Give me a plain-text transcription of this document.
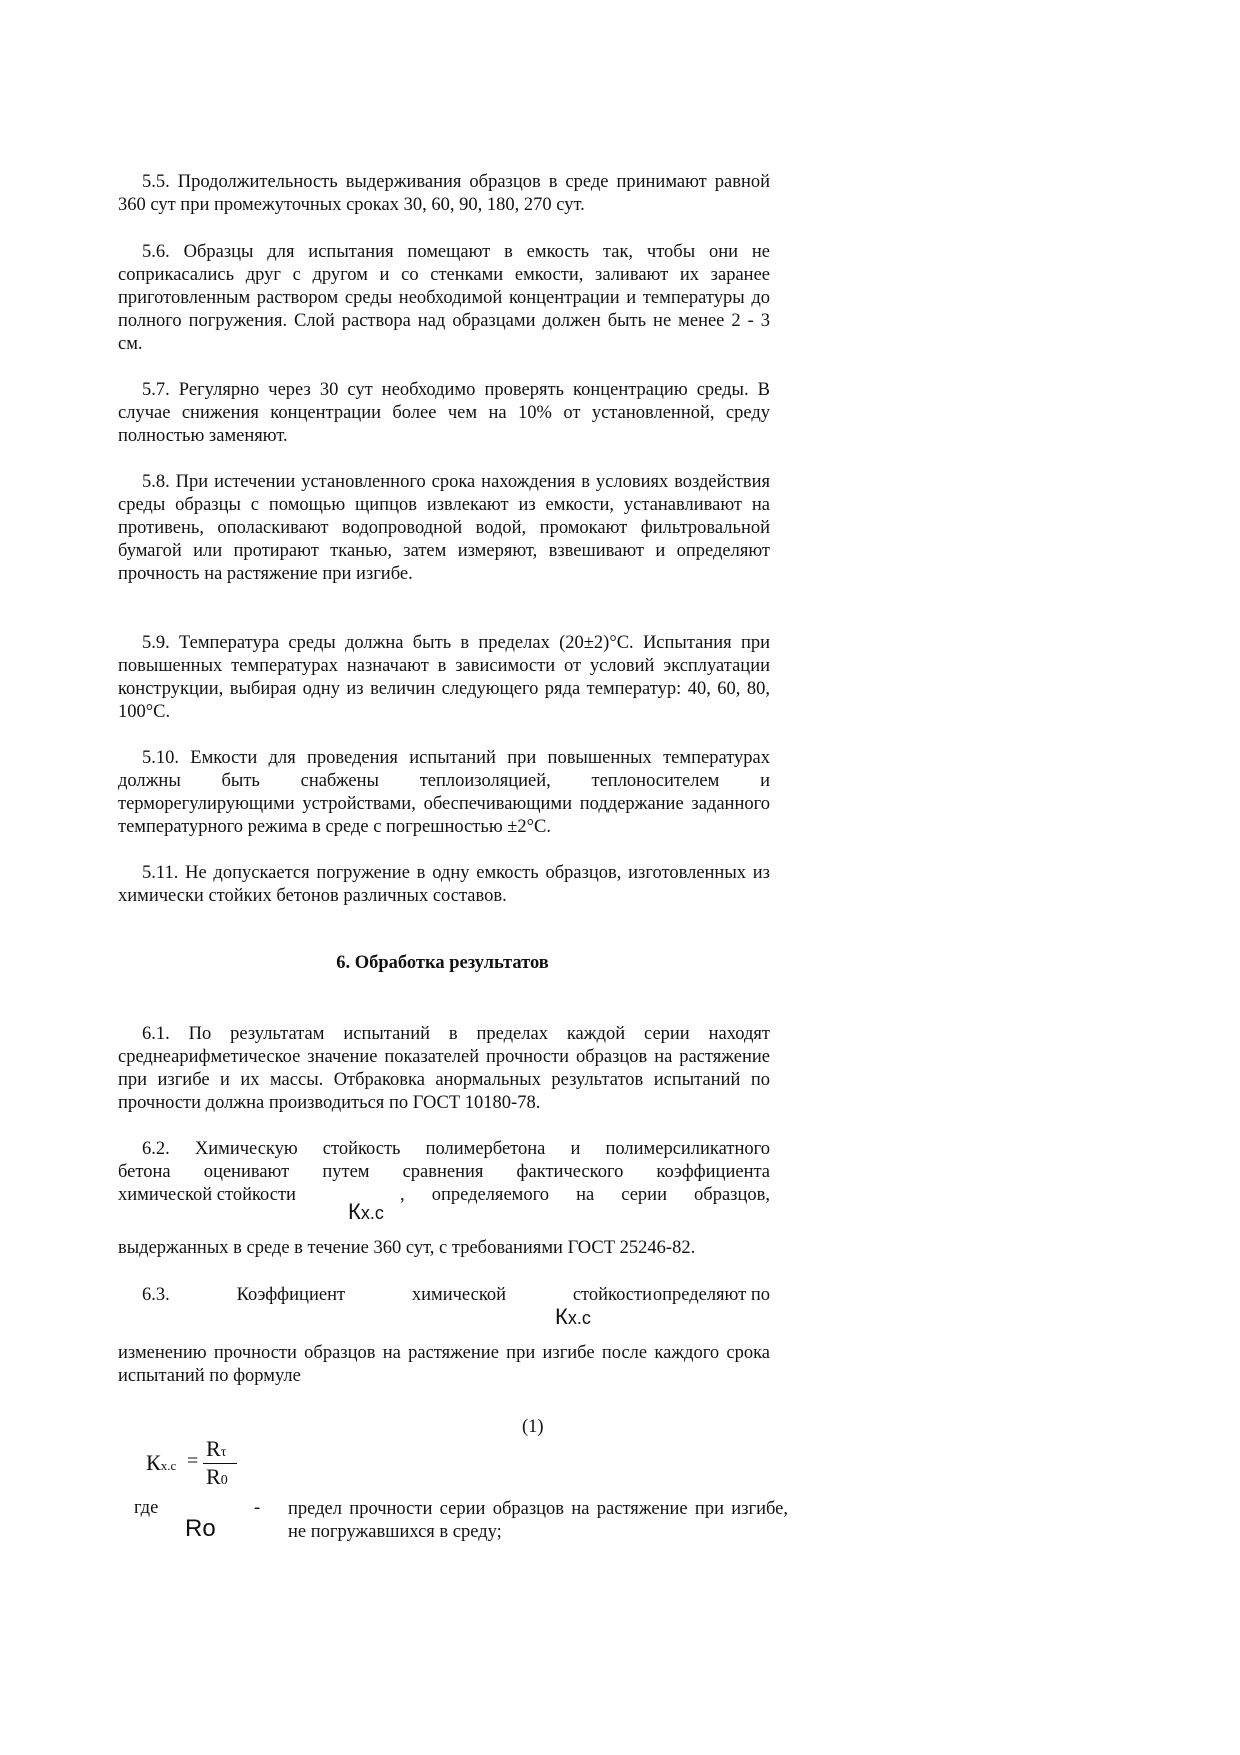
5.5. Продолжительность выдерживания образцов в среде принимают равной 360 сут при промежуточных сроках 30, 60, 90, 180, 270 сут.
5.6. Образцы для испытания помещают в емкость так, чтобы они не соприкасались друг с другом и со стенками емкости, заливают их заранее приготовленным раствором среды необходимой концентрации и температуры до полного погружения. Слой раствора над образцами должен быть не менее 2 - 3 см.
5.7. Регулярно через 30 сут необходимо проверять концентрацию среды. В случае снижения концентрации более чем на 10% от установленной, среду полностью заменяют.
5.8. При истечении установленного срока нахождения в условиях воздействия среды образцы с помощью щипцов извлекают из емкости, устанавливают на противень, ополаскивают водопроводной водой, промокают фильтровальной бумагой или протирают тканью, затем измеряют, взвешивают и определяют прочность на растяжение при изгибе.
5.9. Температура среды должна быть в пределах (20±2)°С. Испытания при повышенных температурах назначают в зависимости от условий эксплуатации конструкции, выбирая одну из величин следующего ряда температур: 40, 60, 80, 100°С.
5.10. Емкости для проведения испытаний при повышенных температурах должны быть снабжены теплоизоляцией, теплоносителем и терморегулирующими устройствами, обеспечивающими поддержание заданного температурного режима в среде с погрешностью ±2°С.
5.11. Не допускается погружение в одну емкость образцов, изготовленных из химически стойких бетонов различных составов.
6. Обработка результатов
6.1. По результатам испытаний в пределах каждой серии находят среднеарифметическое значение показателей прочности образцов на растяжение при изгибе и их массы. Отбраковка анормальных результатов испытаний по прочности должна производиться по ГОСТ 10180-78.
6.2. Химическую стойкость полимербетона и полимерсиликатного
бетона оценивают путем сравнения фактического коэффициента
химической стойкости	, определяемого на серии образцов,
Кх.с
выдержанных в среде в течение 360 сут, с требованиями ГОСТ 25246-82.
6.3. Коэффициент химической стойкости определяют по
Кх.с
изменению прочности образцов на растяжение при изгибе после каждого срока испытаний по формуле
(1)
Кх.с = Rτ
R0
где	- предел прочности серии образцов на растяжение при изгибе, не погружавшихся в среду;
Rо
